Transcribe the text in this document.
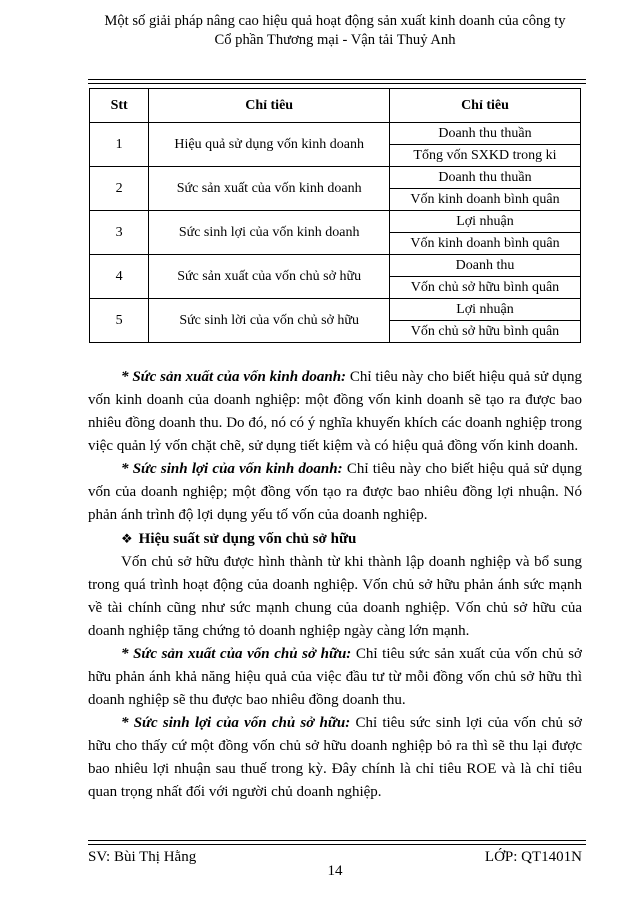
Một số giải pháp nâng cao hiệu quả hoạt động sản xuất kinh doanh của công ty
Cổ phần Thương mại - Vận tải Thuỷ Anh
Stt	Chỉ tiêu	Chỉ tiêu
1	Hiệu quả sử dụng vốn kinh doanh	Doanh thu thuần
		Tổng vốn SXKD trong ki
2	Sức sản xuất của vốn kinh doanh	Doanh thu thuần
		Vốn kinh doanh bình quân
3	Sức sinh lợi của vốn kinh doanh	Lợi nhuận
		Vốn kinh doanh bình quân
4	Sức sản xuất của vốn chủ sở hữu	Doanh thu
		Vốn chủ sở hữu bình quân
5	Sức sinh lời của vốn chủ sở hữu	Lợi nhuận
		Vốn chủ sở hữu bình quân

* Sức sản xuất của vốn kinh doanh: Chỉ tiêu này cho biết hiệu quả sử dụng vốn kinh doanh của doanh nghiệp: một đồng vốn kinh doanh sẽ tạo ra được bao nhiêu đồng doanh thu. Do đó, nó có ý nghĩa khuyến khích các doanh nghiệp trong việc quản lý vốn chặt chẽ, sử dụng tiết kiệm và có hiệu quả đồng vốn kinh doanh.

* Sức sinh lợi của vốn kinh doanh: Chỉ tiêu này cho biết hiệu quả sử dụng vốn của doanh nghiệp; một đồng vốn tạo ra được bao nhiêu đồng lợi nhuận. Nó phản ánh trình độ lợi dụng yếu tố vốn của doanh nghiệp.

❖ Hiệu suất sử dụng vốn chủ sở hữu

Vốn chủ sở hữu được hình thành từ khi thành lập doanh nghiệp và bổ sung trong quá trình hoạt động của doanh nghiệp. Vốn chủ sở hữu phản ánh sức mạnh về tài chính cũng như sức mạnh chung của doanh nghiệp. Vốn chủ sở hữu của doanh nghiệp tăng chứng tỏ doanh nghiệp ngày càng lớn mạnh.

* Sức sản xuất của vốn chủ sở hữu: Chỉ tiêu sức sản xuất của vốn chủ sở hữu phản ánh khả năng hiệu quả của việc đầu tư từ mỗi đồng vốn chủ sở hữu thì doanh nghiệp sẽ thu được bao nhiêu đồng doanh thu.

* Sức sinh lợi của vốn chủ sở hữu: Chỉ tiêu sức sinh lợi của vốn chủ sở hữu cho thấy cứ một đồng vốn chủ sở hữu doanh nghiệp bỏ ra thì sẽ thu lại được bao nhiêu lợi nhuận sau thuế trong kỳ. Đây chính là chỉ tiêu ROE và là chỉ tiêu quan trọng nhất đối với người chủ doanh nghiệp.

SV: Bùi Thị Hằng	LỚP: QT1401N
14
